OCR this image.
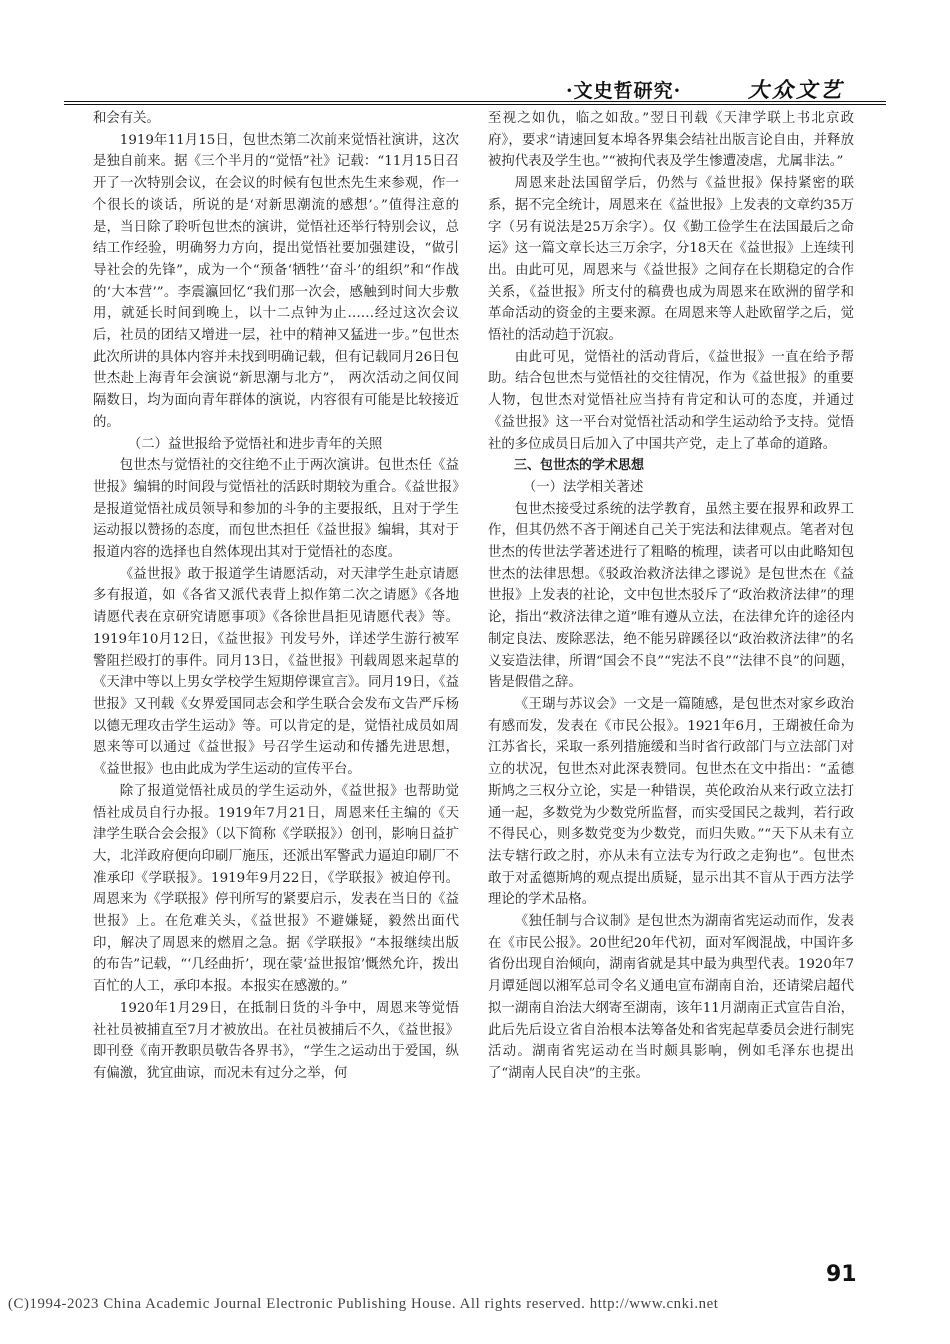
·文史哲研究·	大众文艺

和会有关。

1919年11月15日，包世杰第二次前来觉悟社演讲，这次是独自前来。据《三个半月的“觉悟”社》记载：“11月15日召开了一次特别会议，在会议的时候有包世杰先生来参观，作一个很长的谈话，所说的是‘对新思潮流的感想’。”值得注意的是，当日除了聆听包世杰的演讲，觉悟社还举行特别会议，总结工作经验，明确努力方向，提出觉悟社要加强建设，“做引导社会的先锋”，成为一个“预备‘牺牲’‘奋斗’的组织”和“作战的‘大本营’”。李震瀛回忆“我们那一次会，感触到时间大步敷用，就延长时间到晚上，以十二点钟为止……经过这次会议后，社员的团结又增进一层，社中的精神又猛进一步。”包世杰此次所讲的具体内容并未找到明确记载，但有记载同月26日包世杰赴上海青年会演说“新思潮与北方”， 两次活动之间仅间隔数日，均为面向青年群体的演说，内容很有可能是比较接近的。

（二）益世报给予觉悟社和进步青年的关照

包世杰与觉悟社的交往绝不止于两次演讲。包世杰任《益世报》编辑的时间段与觉悟社的活跃时期较为重合。《益世报》是报道觉悟社成员领导和参加的斗争的主要报纸，且对于学生运动报以赞扬的态度，而包世杰担任《益世报》编辑，其对于报道内容的选择也自然体现出其对于觉悟社的态度。

《益世报》敢于报道学生请愿活动，对天津学生赴京请愿多有报道，如《各省又派代表背上拟作第二次之请愿》《各地请愿代表在京研究请愿事项》《各徐世昌拒见请愿代表》等。1919年10月12日，《益世报》刊发号外，详述学生游行被军警阻拦殴打的事件。同月13日，《益世报》刊载周恩来起草的《天津中等以上男女学校学生短期停课宣言》。同月19日，《益世报》又刊载《女界爱国同志会和学生联合会发布文告严斥杨以德无理攻击学生运动》等。可以肯定的是，觉悟社成员如周恩来等可以通过《益世报》号召学生运动和传播先进思想，《益世报》也由此成为学生运动的宣传平台。

除了报道觉悟社成员的学生运动外，《益世报》也帮助觉悟社成员自行办报。1919年7月21日，周恩来任主编的《天津学生联合会会报》（以下简称《学联报》）创刊，影响日益扩大，北洋政府便向印刷厂施压，还派出军警武力逼迫印刷厂不准承印《学联报》。1919年9月22日，《学联报》被迫停刊。周恩来为《学联报》停刊所写的紧要启示，发表在当日的《益世报》上。在危难关头，《益世报》不避嫌疑，毅然出面代印，解决了周恩来的燃眉之急。据《学联报》“本报继续出版的布告”记载，“‘几经曲折’，现在蒙‘益世报馆’慨然允许，拨出百忙的人工，承印本报。本报实在感激的。”

1920年1月29日，在抵制日货的斗争中，周恩来等觉悟社社员被捕直至7月才被放出。在社员被捕后不久，《益世报》即刊登《南开教职员敬告各界书》，“学生之运动出于爱国，纵有偏激，犹宜曲谅，而况未有过分之举，何

至视之如仇，临之如敌。”翌日刊载《天津学联上书北京政府》，要求“请速回复本埠各界集会结社出版言论自由，并释放被拘代表及学生也。”“被拘代表及学生惨遭凌虐，尤属非法。”

周恩来赴法国留学后，仍然与《益世报》保持紧密的联系，据不完全统计，周恩来在《益世报》上发表的文章约35万字（另有说法是25万余字）。仅《勤工俭学生在法国最后之命运》这一篇文章长达三万余字，分18天在《益世报》上连续刊出。由此可见，周恩来与《益世报》之间存在长期稳定的合作关系，《益世报》所支付的稿费也成为周恩来在欧洲的留学和革命活动的资金的主要来源。在周恩来等人赴欧留学之后，觉悟社的活动趋于沉寂。

由此可见，觉悟社的活动背后，《益世报》一直在给予帮助。结合包世杰与觉悟社的交往情况，作为《益世报》的重要人物，包世杰对觉悟社应当持有肯定和认可的态度，并通过《益世报》这一平台对觉悟社活动和学生运动给予支持。觉悟社的多位成员日后加入了中国共产党，走上了革命的道路。

三、包世杰的学术思想

（一）法学相关著述

包世杰接受过系统的法学教育，虽然主要在报界和政界工作，但其仍然不吝于阐述自己关于宪法和法律观点。笔者对包世杰的传世法学著述进行了粗略的梳理，读者可以由此略知包世杰的法律思想。《驳政治救济法律之谬说》是包世杰在《益世报》上发表的社论，文中包世杰驳斥了“政治救济法律”的理论，指出“救济法律之道”唯有遵从立法，在法律允许的途径内制定良法、废除恶法，绝不能另辟蹊径以“政治救济法律”的名义妄造法律，所谓“国会不良”“宪法不良”“法律不良”的问题，皆是假借之辞。

《王瑚与苏议会》一文是一篇随感，是包世杰对家乡政治有感而发，发表在《市民公报》。1921年6月，王瑚被任命为江苏省长，采取一系列措施缓和当时省行政部门与立法部门对立的状况，包世杰对此深表赞同。包世杰在文中指出：“孟德斯鸠之三权分立论，实是一种错误，英伦政治从来行政立法打通一起，多数党为少数党所监督，而实受国民之裁判，若行政不得民心，则多数党变为少数党，而归失败。”“天下从未有立法专辖行政之肘，亦从未有立法专为行政之走狗也”。包世杰敢于对孟德斯鸠的观点提出质疑，显示出其不盲从于西方法学理论的学术品格。

《独任制与合议制》是包世杰为湖南省宪运动而作，发表在《市民公报》。20世纪20年代初，面对军阀混战，中国许多省份出现自治倾向，湖南省就是其中最为典型代表。1920年7月谭延闿以湘军总司令名义通电宣布湖南自治，还请梁启超代拟一湖南自治法大纲寄至湖南，该年11月湖南正式宣告自治，此后先后设立省自治根本法筹备处和省宪起草委员会进行制宪活动。湖南省宪运动在当时颇具影响，例如毛泽东也提出了“湖南人民自决”的主张。

91
(C)1994-2023 China Academic Journal Electronic Publishing House. All rights reserved. http://www.cnki.net
